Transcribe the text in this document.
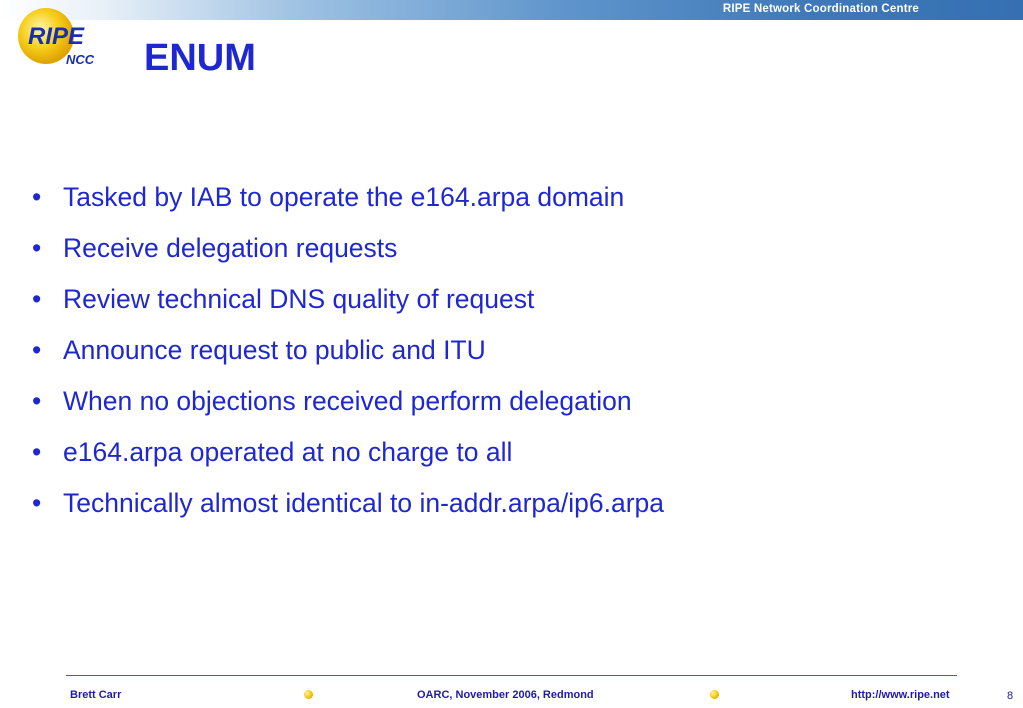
RIPE Network Coordination Centre
RIPE
NCC ENUM
• Tasked by IAB to operate the e164.arpa domain
• Receive delegation requests
• Review technical DNS quality of request
• Announce request to public and ITU
• When no objections received perform delegation
• e164.arpa operated at no charge to all
• Technically almost identical to in-addr.arpa/ip6.arpa
Brett Carr	OARC, November 2006, Redmond	http://www.ripe.net	8
